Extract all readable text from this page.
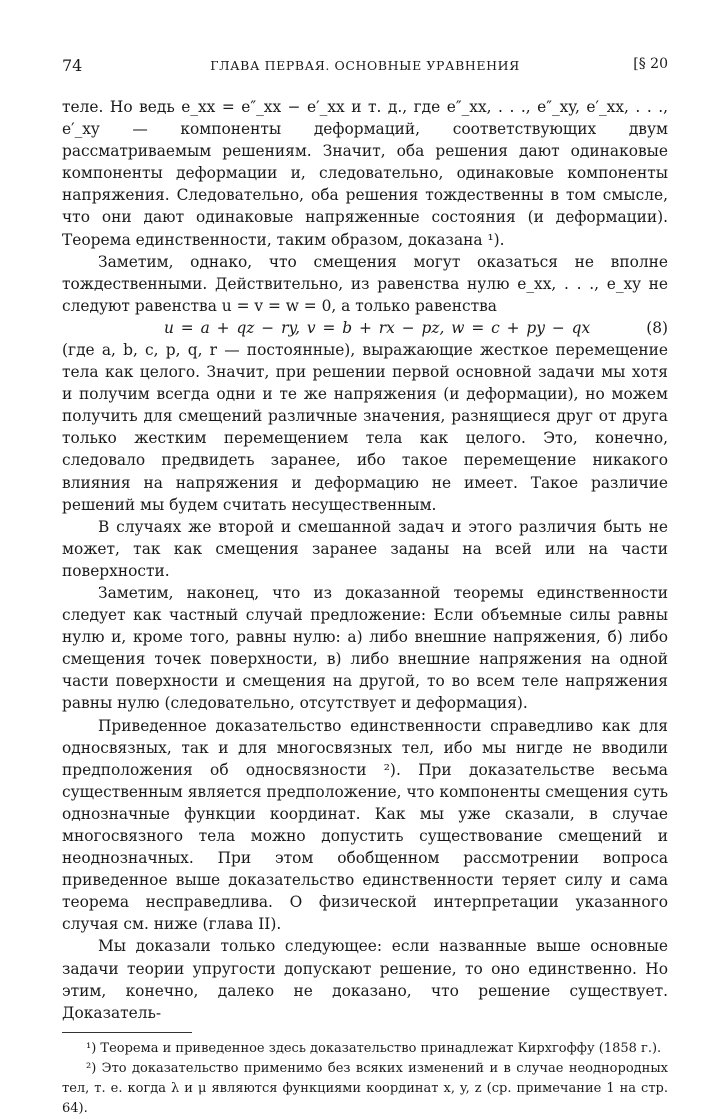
74	ГЛАВА ПЕРВАЯ. ОСНОВНЫЕ УРАВНЕНИЯ	[§ 20

теле. Но ведь e_xx = e″_xx − e′_xx и т. д., где e″_xx, . . ., e″_xy, e′_xx, . . ., e′_xy — компоненты деформаций, соответствующих двум рассматриваемым решениям. Значит, оба решения дают одинаковые компоненты деформации и, следовательно, одинаковые компоненты напряжения. Следовательно, оба решения тождественны в том смысле, что они дают одинаковые напряженные состояния (и деформации). Теорема единственности, таким образом, доказана ¹).

Заметим, однако, что смещения могут оказаться не вполне тождественными. Действительно, из равенства нулю e_xx, . . ., e_xy не следуют равенства u = v = w = 0, а только равенства

u = a + qz − ry, v = b + rx − pz, w = c + py − qx	(8)

(где a, b, c, p, q, r — постоянные), выражающие жесткое перемещение тела как целого. Значит, при решении первой основной задачи мы хотя и получим всегда одни и те же напряжения (и деформации), но можем получить для смещений различные значения, разнящиеся друг от друга только жестким перемещением тела как целого. Это, конечно, следовало предвидеть заранее, ибо такое перемещение никакого влияния на напряжения и деформацию не имеет. Такое различие решений мы будем считать несущественным.

В случаях же второй и смешанной задач и этого различия быть не может, так как смещения заранее заданы на всей или на части поверхности.

Заметим, наконец, что из доказанной теоремы единственности следует как частный случай предложение: Если объемные силы равны нулю и, кроме того, равны нулю: а) либо внешние напряжения, б) либо смещения точек поверхности, в) либо внешние напряжения на одной части поверхности и смещения на другой, то во всем теле напряжения равны нулю (следовательно, отсутствует и деформация).

Приведенное доказательство единственности справедливо как для односвязных, так и для многосвязных тел, ибо мы нигде не вводили предположения об односвязности ²). При доказательстве весьма существенным является предположение, что компоненты смещения суть однозначные функции координат. Как мы уже сказали, в случае многосвязного тела можно допустить существование смещений и неоднозначных. При этом обобщенном рассмотрении вопроса приведенное выше доказательство единственности теряет силу и сама теорема несправедлива. О физической интерпретации указанного случая см. ниже (глава II).

Мы доказали только следующее: если названные выше основные задачи теории упругости допускают решение, то оно единственно. Но этим, конечно, далеко не доказано, что решение существует. Доказатель-

¹) Теорема и приведенное здесь доказательство принадлежат Кирхгоффу (1858 г.).

²) Это доказательство применимо без всяких изменений и в случае неоднородных тел, т. е. когда λ и μ являются функциями координат x, y, z (ср. примечание 1 на стр. 64).
